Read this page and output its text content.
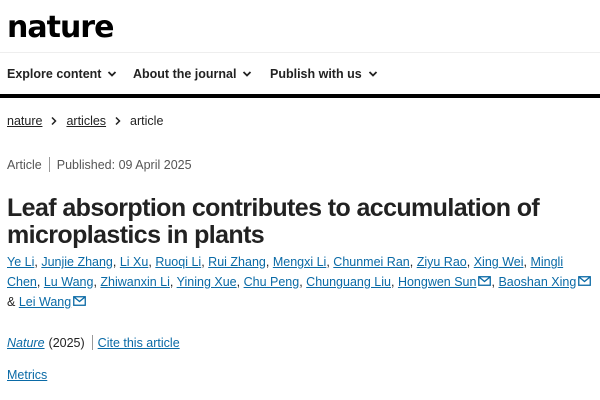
nature
Explore content	About the journal	Publish with us
nature articles article
Article Published: 09 April 2025
Leaf absorption contributes to accumulation of microplastics in plants
Ye Li, Junjie Zhang, Li Xu, Ruoqi Li, Rui Zhang, Mengxi Li, Chunmei Ran, Ziyu Rao, Xing Wei, Mingli Chen, Lu Wang, Zhiwanxin Li, Yining Xue, Chu Peng, Chunguang Liu, Hongwen Sun , Baoshan Xing & Lei Wang
Nature (2025) Cite this article
Metrics
